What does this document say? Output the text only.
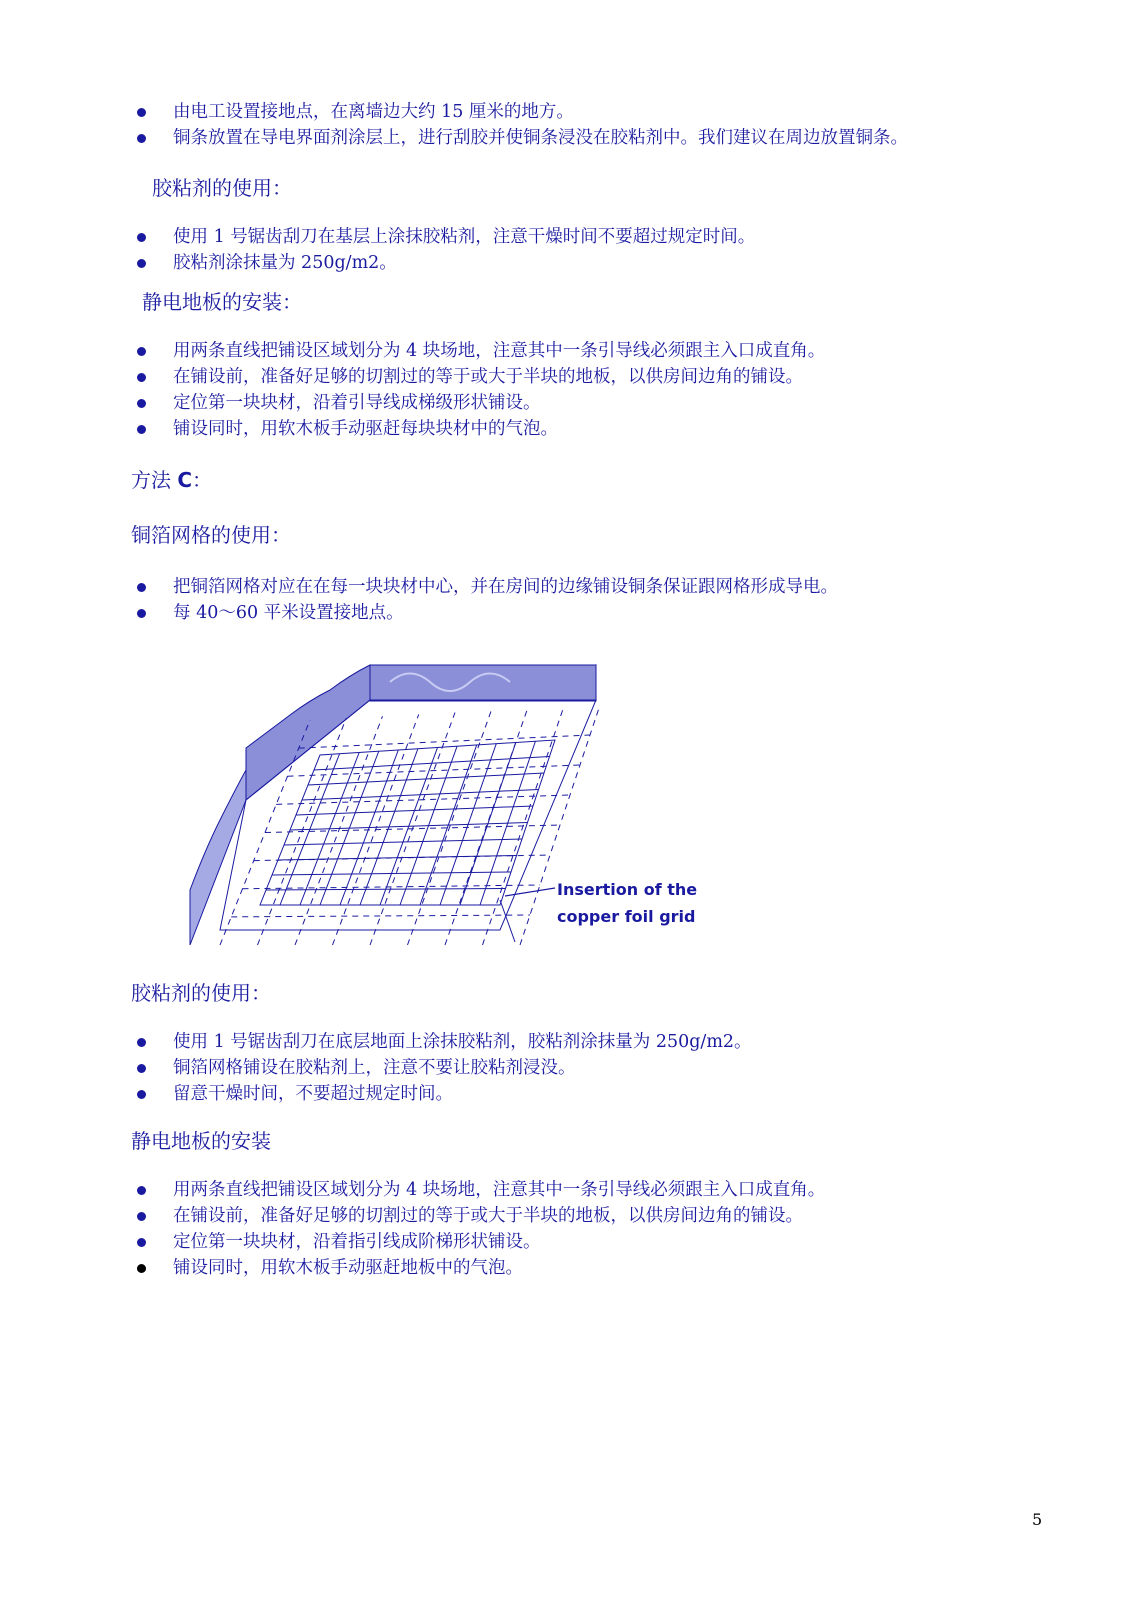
由电工设置接地点，在离墙边大约 15 厘米的地方。
铜条放置在导电界面剂涂层上，进行刮胶并使铜条浸没在胶粘剂中。我们建议在周边放置铜条。
胶粘剂的使用：
使用 1 号锯齿刮刀在基层上涂抹胶粘剂，注意干燥时间不要超过规定时间。
胶粘剂涂抹量为 250g/m2。
静电地板的安装：
用两条直线把铺设区域划分为 4 块场地，注意其中一条引导线必须跟主入口成直角。
在铺设前，准备好足够的切割过的等于或大于半块的地板，以供房间边角的铺设。
定位第一块块材，沿着引导线成梯级形状铺设。
铺设同时，用软木板手动驱赶每块块材中的气泡。
方法 C：
铜箔网格的使用：
把铜箔网格对应在在每一块块材中心，并在房间的边缘铺设铜条保证跟网格形成导电。
每 40～60 平米设置接地点。
Insertion of the
copper foil grid
胶粘剂的使用：
使用 1 号锯齿刮刀在底层地面上涂抹胶粘剂，胶粘剂涂抹量为 250g/m2。
铜箔网格铺设在胶粘剂上，注意不要让胶粘剂浸没。
留意干燥时间，不要超过规定时间。
静电地板的安装
用两条直线把铺设区域划分为 4 块场地，注意其中一条引导线必须跟主入口成直角。
在铺设前，准备好足够的切割过的等于或大于半块的地板，以供房间边角的铺设。
定位第一块块材，沿着指引线成阶梯形状铺设。
铺设同时，用软木板手动驱赶地板中的气泡。
5
